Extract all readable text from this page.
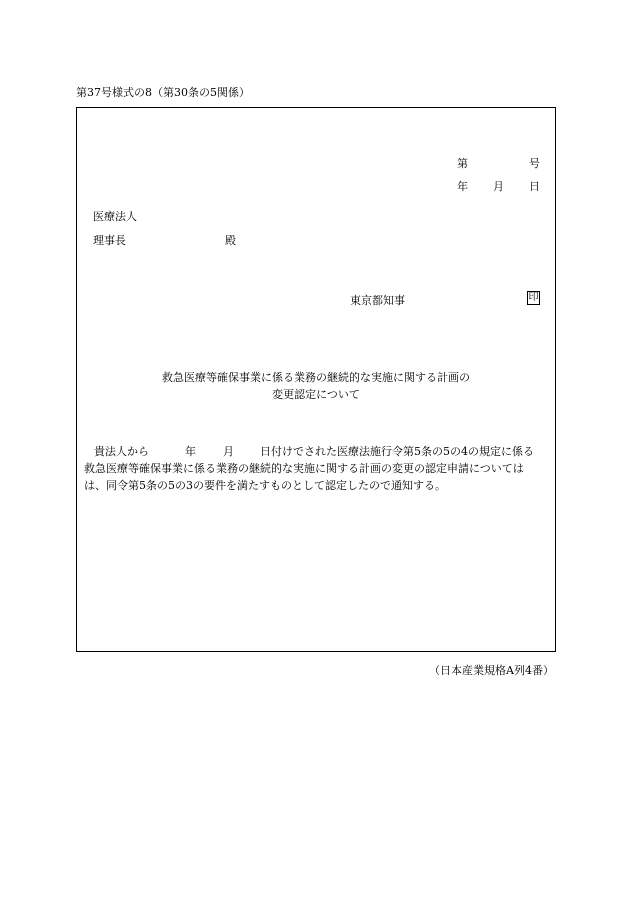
第37号様式の8（第30条の5関係）
第	号
年 月 日
医療法人
理事長	殿
東京都知事	印
救急医療等確保事業に係る業務の継続的な実施に関する計画の
変更認定について

貴法人から	年 月 日付けでされた医療法施行令第5条の5の4の規定に係る

救急医療等確保事業に係る業務の継続的な実施に関する計画の変更の認定申請については

は、同令第5条の5の3の要件を満たすものとして認定したので通知する。

（日本産業規格A列4番）
